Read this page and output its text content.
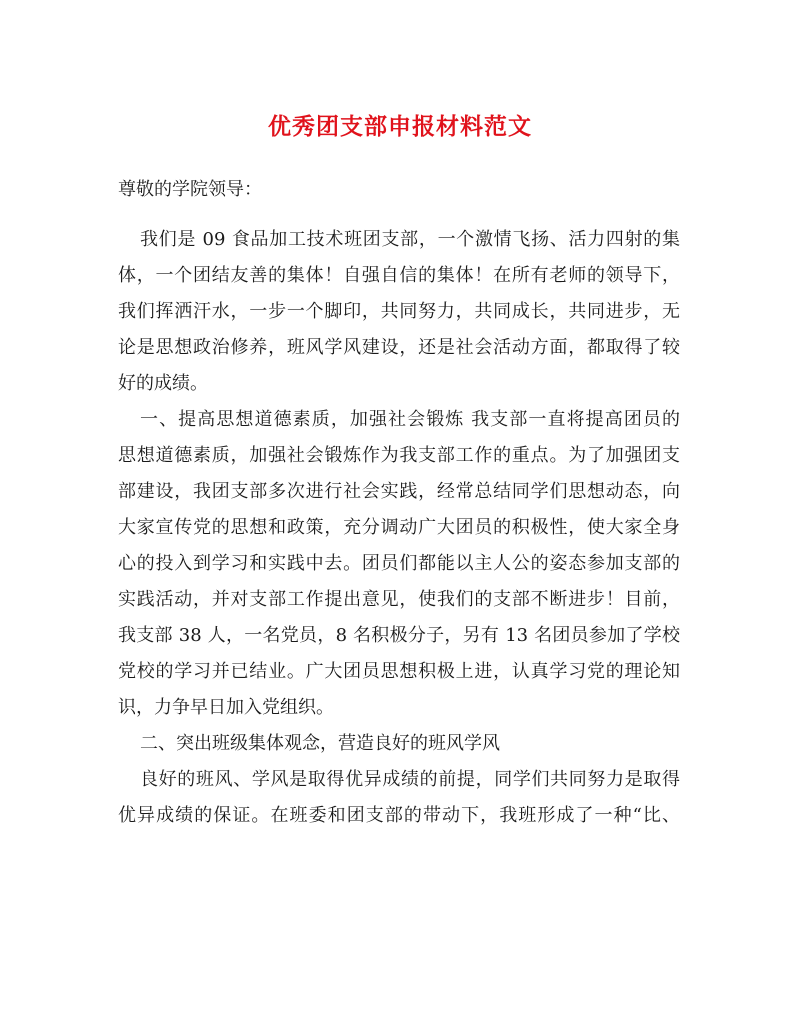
优秀团支部申报材料范文
尊敬的学院领导：
我们是 09 食品加工技术班团支部，一个激情飞扬、活力四射的集
体，一个团结友善的集体！自强自信的集体！在所有老师的领导下，
我们挥洒汗水，一步一个脚印，共同努力，共同成长，共同进步，无
论是思想政治修养，班风学风建设，还是社会活动方面，都取得了较
好的成绩。
一、提高思想道德素质，加强社会锻炼 我支部一直将提高团员的
思想道德素质，加强社会锻炼作为我支部工作的重点。为了加强团支
部建设，我团支部多次进行社会实践，经常总结同学们思想动态，向
大家宣传党的思想和政策，充分调动广大团员的积极性，使大家全身
心的投入到学习和实践中去。团员们都能以主人公的姿态参加支部的
实践活动，并对支部工作提出意见，使我们的支部不断进步！目前，
我支部 38 人，一名党员，8 名积极分子，另有 13 名团员参加了学校
党校的学习并已结业。广大团员思想积极上进，认真学习党的理论知
识，力争早日加入党组织。
二、突出班级集体观念，营造良好的班风学风
良好的班风、学风是取得优异成绩的前提，同学们共同努力是取得
优异成绩的保证。在班委和团支部的带动下，我班形成了一种“比、
